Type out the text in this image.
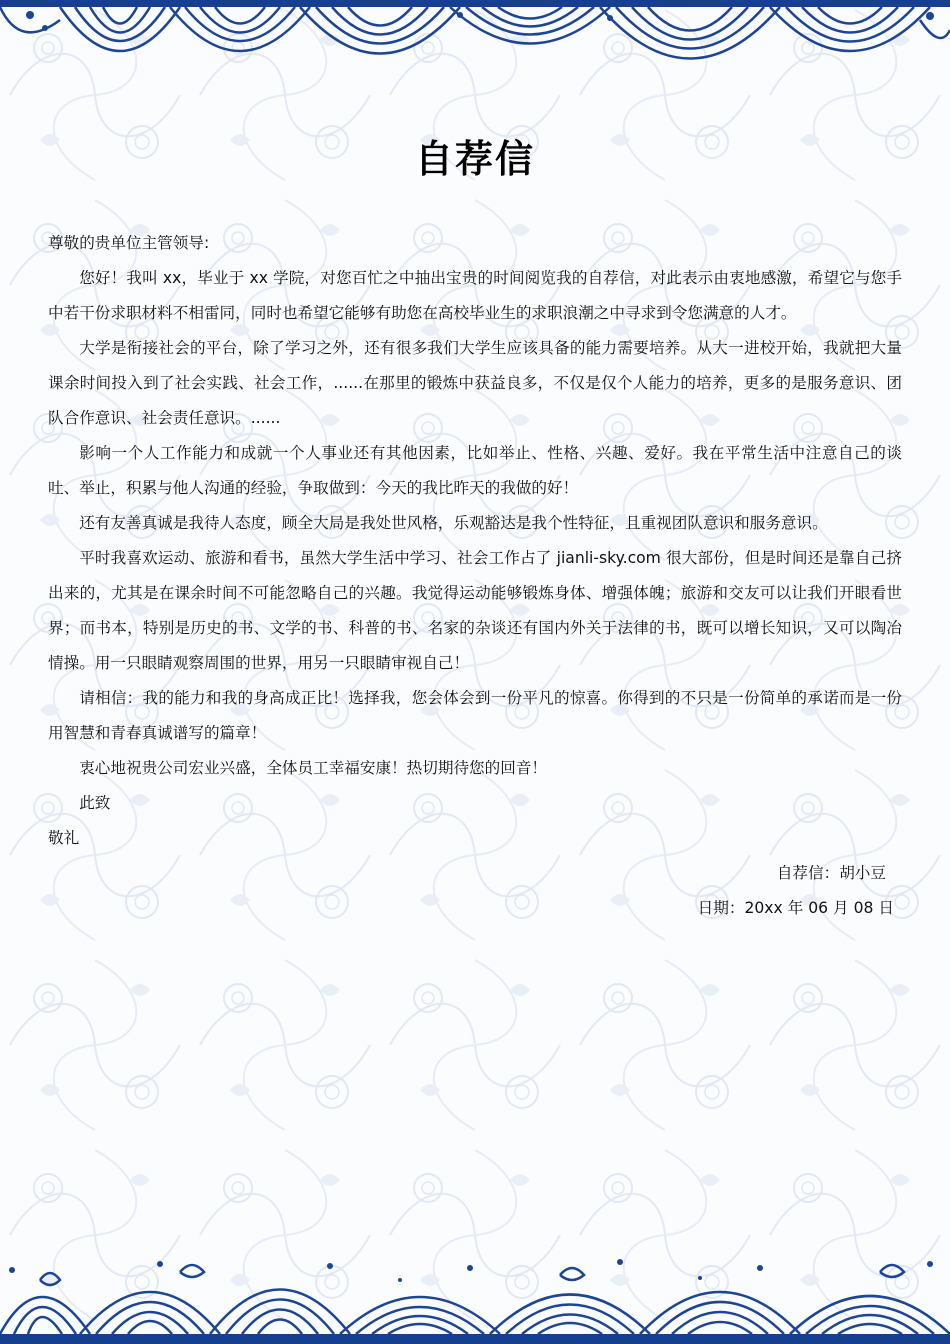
自荐信

尊敬的贵单位主管领导:

您好！我叫 xx，毕业于 xx 学院，对您百忙之中抽出宝贵的时间阅览我的自荐信，对此表示由衷地感激，希望它与您手中若干份求职材料不相雷同，同时也希望它能够有助您在高校毕业生的求职浪潮之中寻求到令您满意的人才。

大学是衔接社会的平台，除了学习之外，还有很多我们大学生应该具备的能力需要培养。从大一进校开始，我就把大量课余时间投入到了社会实践、社会工作，......在那里的锻炼中获益良多，不仅是仅个人能力的培养，更多的是服务意识、团队合作意识、社会责任意识。......

影响一个人工作能力和成就一个人事业还有其他因素，比如举止、性格、兴趣、爱好。我在平常生活中注意自己的谈吐、举止，积累与他人沟通的经验，争取做到：今天的我比昨天的我做的好！

还有友善真诚是我待人态度，顾全大局是我处世风格，乐观豁达是我个性特征，且重视团队意识和服务意识。

平时我喜欢运动、旅游和看书，虽然大学生活中学习、社会工作占了 jianli-sky.com 很大部份，但是时间还是靠自己挤出来的，尤其是在课余时间不可能忽略自己的兴趣。我觉得运动能够锻炼身体、增强体魄；旅游和交友可以让我们开眼看世界；而书本，特别是历史的书、文学的书、科普的书、名家的杂谈还有国内外关于法律的书，既可以增长知识，又可以陶冶情操。用一只眼睛观察周围的世界，用另一只眼睛审视自己！

请相信：我的能力和我的身高成正比！选择我，您会体会到一份平凡的惊喜。你得到的不只是一份简单的承诺而是一份用智慧和青春真诚谱写的篇章！

衷心地祝贵公司宏业兴盛，全体员工幸福安康！热切期待您的回音！

此致

敬礼

自荐信：胡小豆

日期：20xx 年 06 月 08 日
